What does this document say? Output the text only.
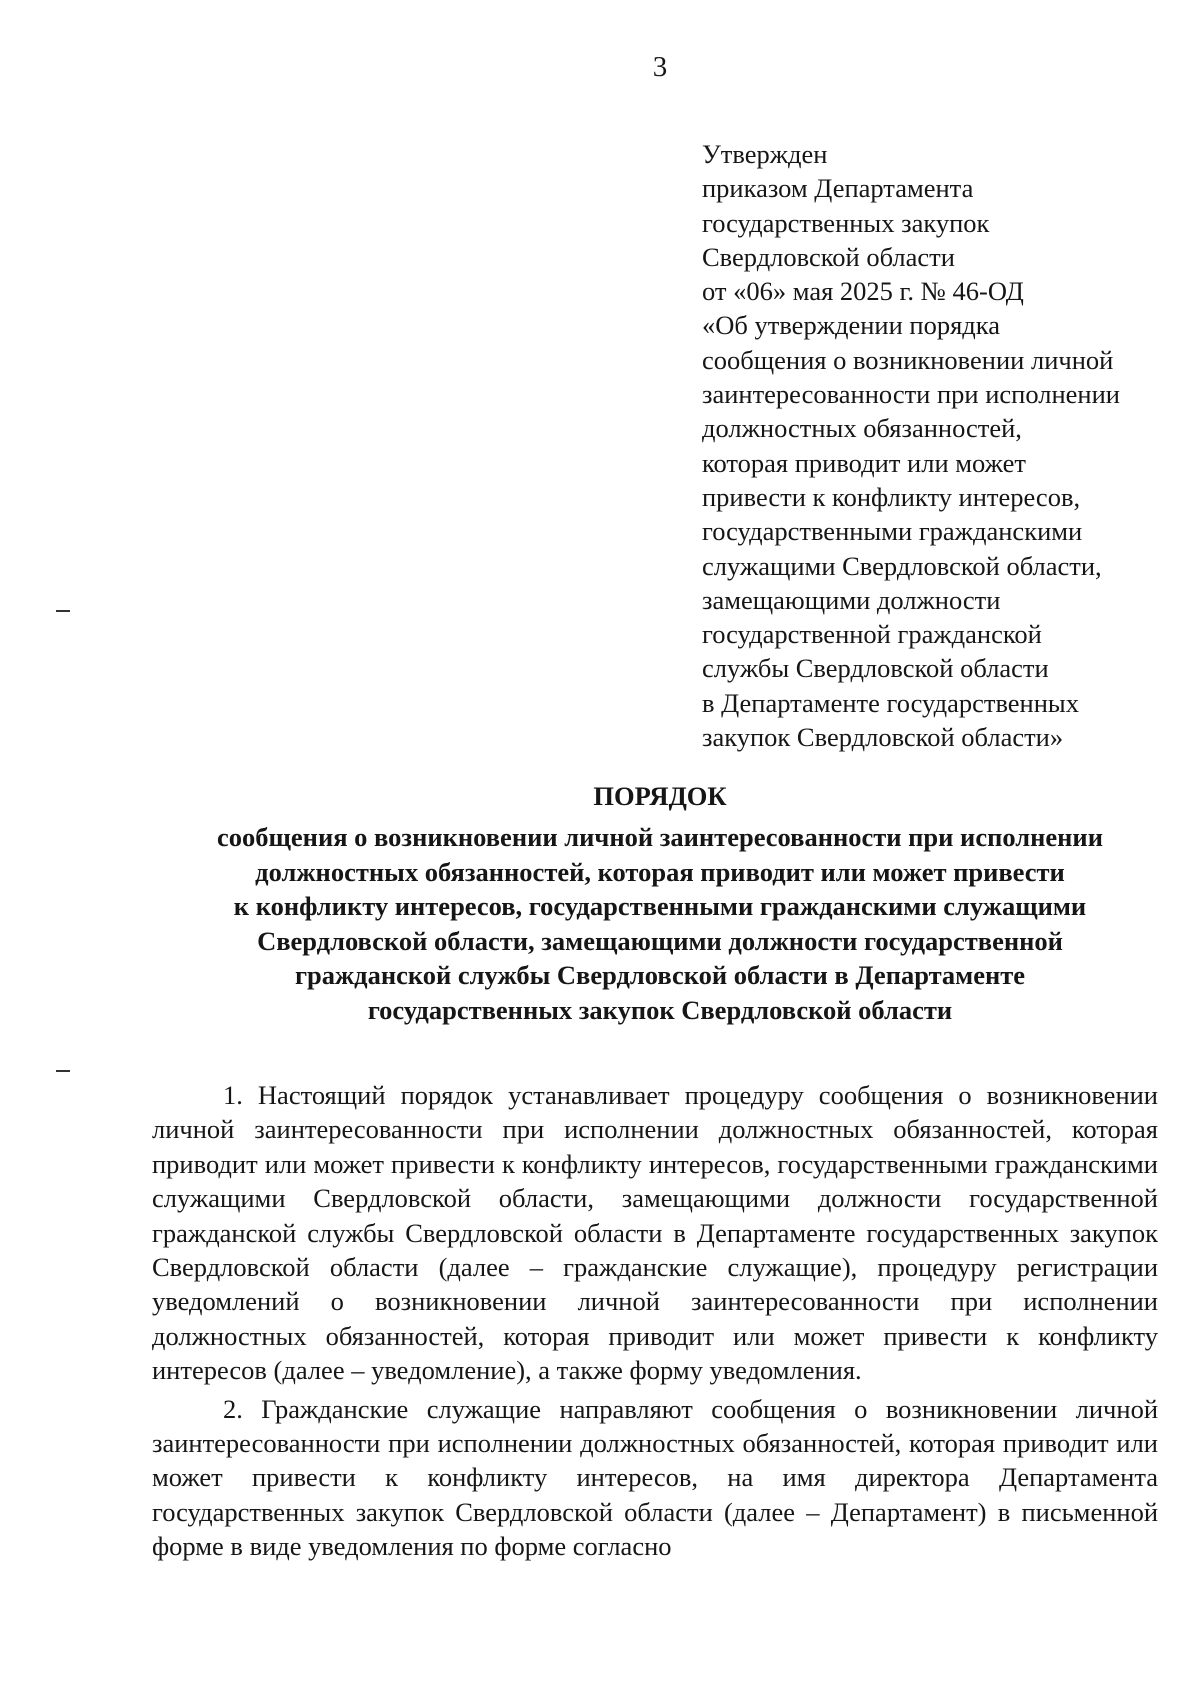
3
Утвержден
приказом Департамента
государственных закупок
Свердловской области
от «06» мая 2025 г. № 46-ОД
«Об утверждении порядка
сообщения о возникновении личной
заинтересованности при исполнении
должностных обязанностей,
которая приводит или может
привести к конфликту интересов,
государственными гражданскими
служащими Свердловской области,
замещающими должности
государственной гражданской
службы Свердловской области
в Департаменте государственных
закупок Свердловской области»
ПОРЯДОК
сообщения о возникновении личной заинтересованности при исполнении
должностных обязанностей, которая приводит или может привести
к конфликту интересов, государственными гражданскими служащими
Свердловской области, замещающими должности государственной
гражданской службы Свердловской области в Департаменте
государственных закупок Свердловской области

1. Настоящий порядок устанавливает процедуру сообщения о возникновении личной заинтересованности при исполнении должностных обязанностей, которая приводит или может привести к конфликту интересов, государственными гражданскими служащими Свердловской области, замещающими должности государственной гражданской службы Свердловской области в Департаменте государственных закупок Свердловской области (далее – гражданские служащие), процедуру регистрации уведомлений о возникновении личной заинтересованности при исполнении должностных обязанностей, которая приводит или может привести к конфликту интересов (далее – уведомление), а также форму уведомления.

2. Гражданские служащие направляют сообщения о возникновении личной заинтересованности при исполнении должностных обязанностей, которая приводит или может привести к конфликту интересов, на имя директора Департамента государственных закупок Свердловской области (далее – Департамент) в письменной форме в виде уведомления по форме согласно
